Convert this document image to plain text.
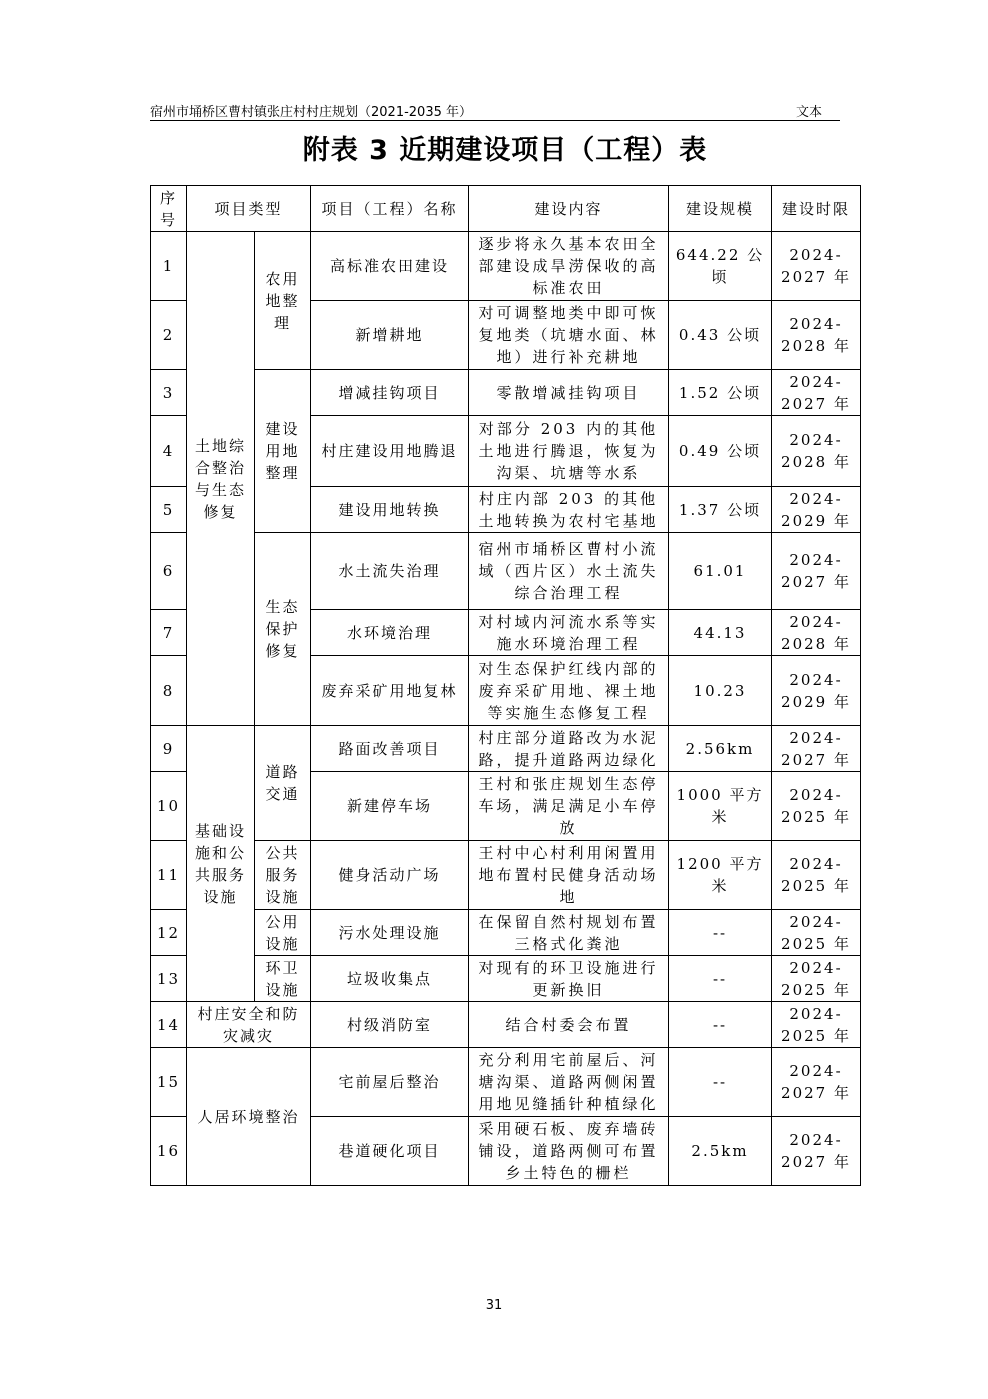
宿州市埇桥区曹村镇张庄村村庄规划（2021-2035 年）	文本
附表 3 近期建设项目（工程）表
序号	项目类型		项目（工程）名称	建设内容	建设规模	建设时限
1	土地综合整治与生态修复	农用地整理	高标准农田建设	逐步将永久基本农田全部建设成旱涝保收的高标准农田	644.22 公顷	2024-2027 年
2			新增耕地	对可调整地类中即可恢复地类（坑塘水面、林地）进行补充耕地	0.43 公顷	2024-2028 年
3		建设用地整理	增减挂钩项目	零散增减挂钩项目	1.52 公顷	2024-2027 年
4			村庄建设用地腾退	对部分 203 内的其他土地进行腾退，恢复为沟渠、坑塘等水系	0.49 公顷	2024-2028 年
5			建设用地转换	村庄内部 203 的其他土地转换为农村宅基地	1.37 公顷	2024-2029 年
6		生态保护修复	水土流失治理	宿州市埇桥区曹村小流域（西片区）水土流失综合治理工程	61.01	2024-2027 年
7			水环境治理	对村域内河流水系等实施水环境治理工程	44.13	2024-2028 年
8			废弃采矿用地复林	对生态保护红线内部的废弃采矿用地、裸土地等实施生态修复工程	10.23	2024-2029 年
9	基础设施和公共服务设施	道路交通	路面改善项目	村庄部分道路改为水泥路，提升道路两边绿化	2.56km	2024-2027 年
10			新建停车场	王村和张庄规划生态停车场，满足满足小车停放	1000 平方米	2024-2025 年
11		公共服务设施	健身活动广场	王村中心村利用闲置用地布置村民健身活动场地	1200 平方米	2024-2025 年
12		公用设施	污水处理设施	在保留自然村规划布置三格式化粪池	--	2024-2025 年
13		环卫设施	垃圾收集点	对现有的环卫设施进行更新换旧	--	2024-2025 年
14	村庄安全和防灾减灾		村级消防室	结合村委会布置	--	2024-2025 年
15	人居环境整治		宅前屋后整治	充分利用宅前屋后、河塘沟渠、道路两侧闲置用地见缝插针种植绿化	--	2024-2027 年
16			巷道硬化项目	采用硬石板、废弃墙砖铺设，道路两侧可布置乡土特色的栅栏	2.5km	2024-2027 年
31
